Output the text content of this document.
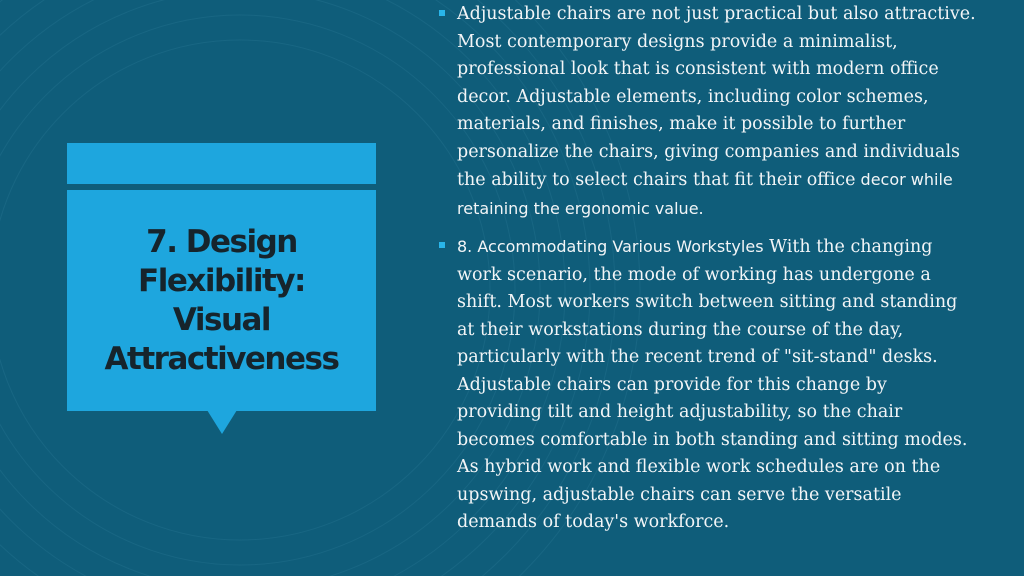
7. Design
Flexibility:
Visual
Attractiveness

Adjustable chairs are not just practical but also attractive. Most contemporary designs provide a minimalist, professional look that is consistent with modern office decor. Adjustable elements, including color schemes, materials, and finishes, make it possible to further personalize the chairs, giving companies and individuals the ability to select chairs that fit their office decor while retaining the ergonomic value.

8. Accommodating Various Workstyles With the changing work scenario, the mode of working has undergone a shift. Most workers switch between sitting and standing at their workstations during the course of the day, particularly with the recent trend of "sit-stand" desks. Adjustable chairs can provide for this change by providing tilt and height adjustability, so the chair becomes comfortable in both standing and sitting modes. As hybrid work and flexible work schedules are on the upswing, adjustable chairs can serve the versatile demands of today's workforce.
